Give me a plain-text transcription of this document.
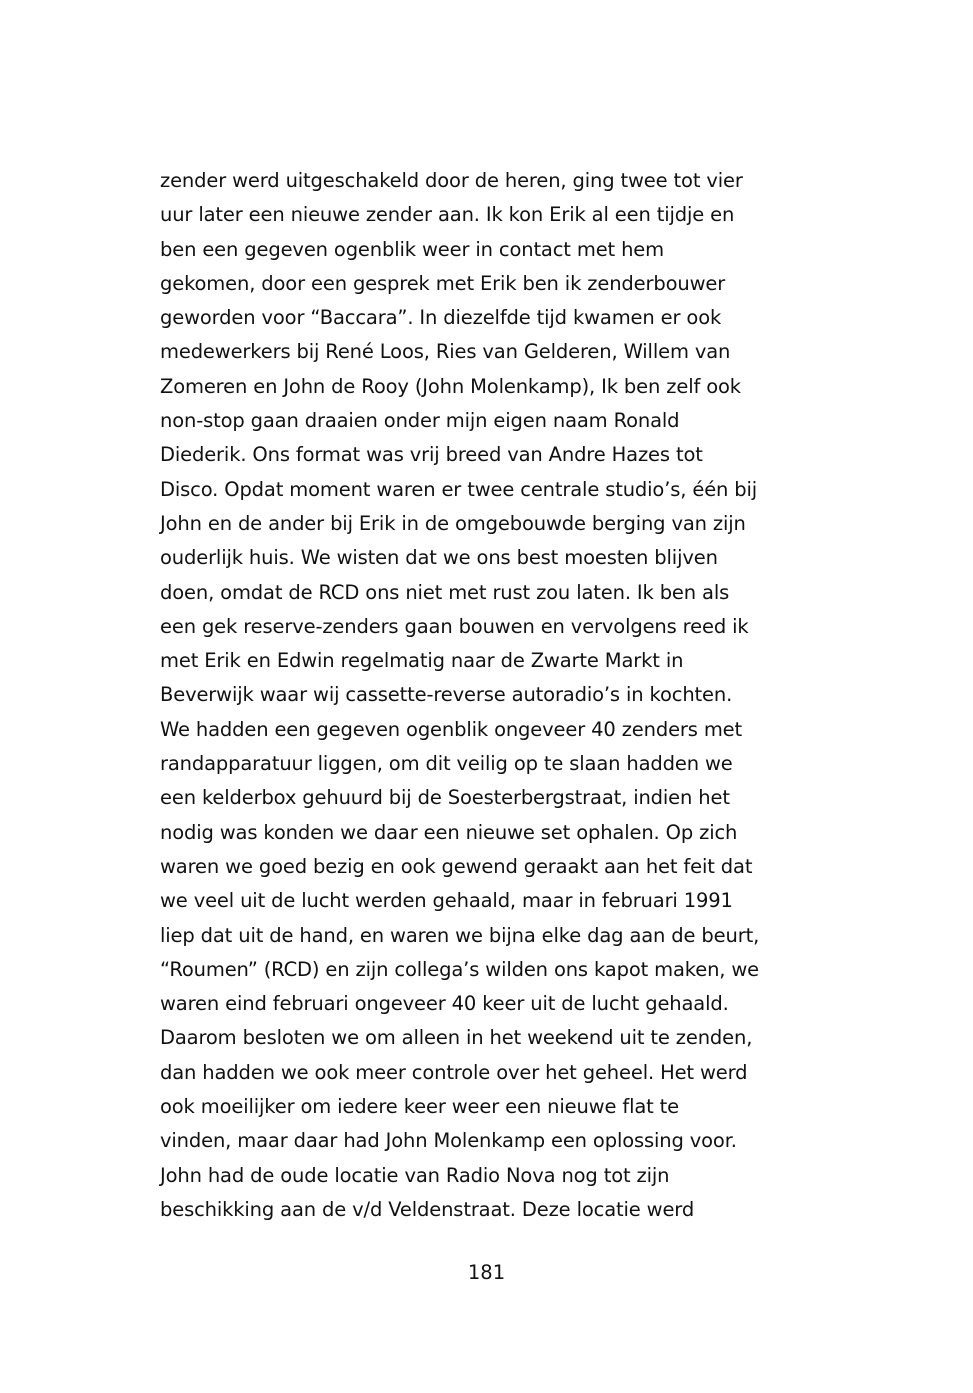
zender werd uitgeschakeld door de heren, ging twee tot vier
uur later een nieuwe zender aan. Ik kon Erik al een tijdje en
ben een gegeven ogenblik weer in contact met hem
gekomen, door een gesprek met Erik ben ik zenderbouwer
geworden voor “Baccara”. In diezelfde tijd kwamen er ook
medewerkers bij René Loos, Ries van Gelderen, Willem van
Zomeren en John de Rooy (John Molenkamp), Ik ben zelf ook
non-stop gaan draaien onder mijn eigen naam Ronald
Diederik. Ons format was vrij breed van Andre Hazes tot
Disco. Opdat moment waren er twee centrale studio’s, één bij
John en de ander bij Erik in de omgebouwde berging van zijn
ouderlijk huis. We wisten dat we ons best moesten blijven
doen, omdat de RCD ons niet met rust zou laten. Ik ben als
een gek reserve-zenders gaan bouwen en vervolgens reed ik
met Erik en Edwin regelmatig naar de Zwarte Markt in
Beverwijk waar wij cassette-reverse autoradio’s in kochten.
We hadden een gegeven ogenblik ongeveer 40 zenders met
randapparatuur liggen, om dit veilig op te slaan hadden we
een kelderbox gehuurd bij de Soesterbergstraat, indien het
nodig was konden we daar een nieuwe set ophalen. Op zich
waren we goed bezig en ook gewend geraakt aan het feit dat
we veel uit de lucht werden gehaald, maar in februari 1991
liep dat uit de hand, en waren we bijna elke dag aan de beurt,
“Roumen” (RCD) en zijn collega’s wilden ons kapot maken, we
waren eind februari ongeveer 40 keer uit de lucht gehaald.
Daarom besloten we om alleen in het weekend uit te zenden,
dan hadden we ook meer controle over het geheel. Het werd
ook moeilijker om iedere keer weer een nieuwe flat te
vinden, maar daar had John Molenkamp een oplossing voor.
John had de oude locatie van Radio Nova nog tot zijn
beschikking aan de v/d Veldenstraat. Deze locatie werd
181
